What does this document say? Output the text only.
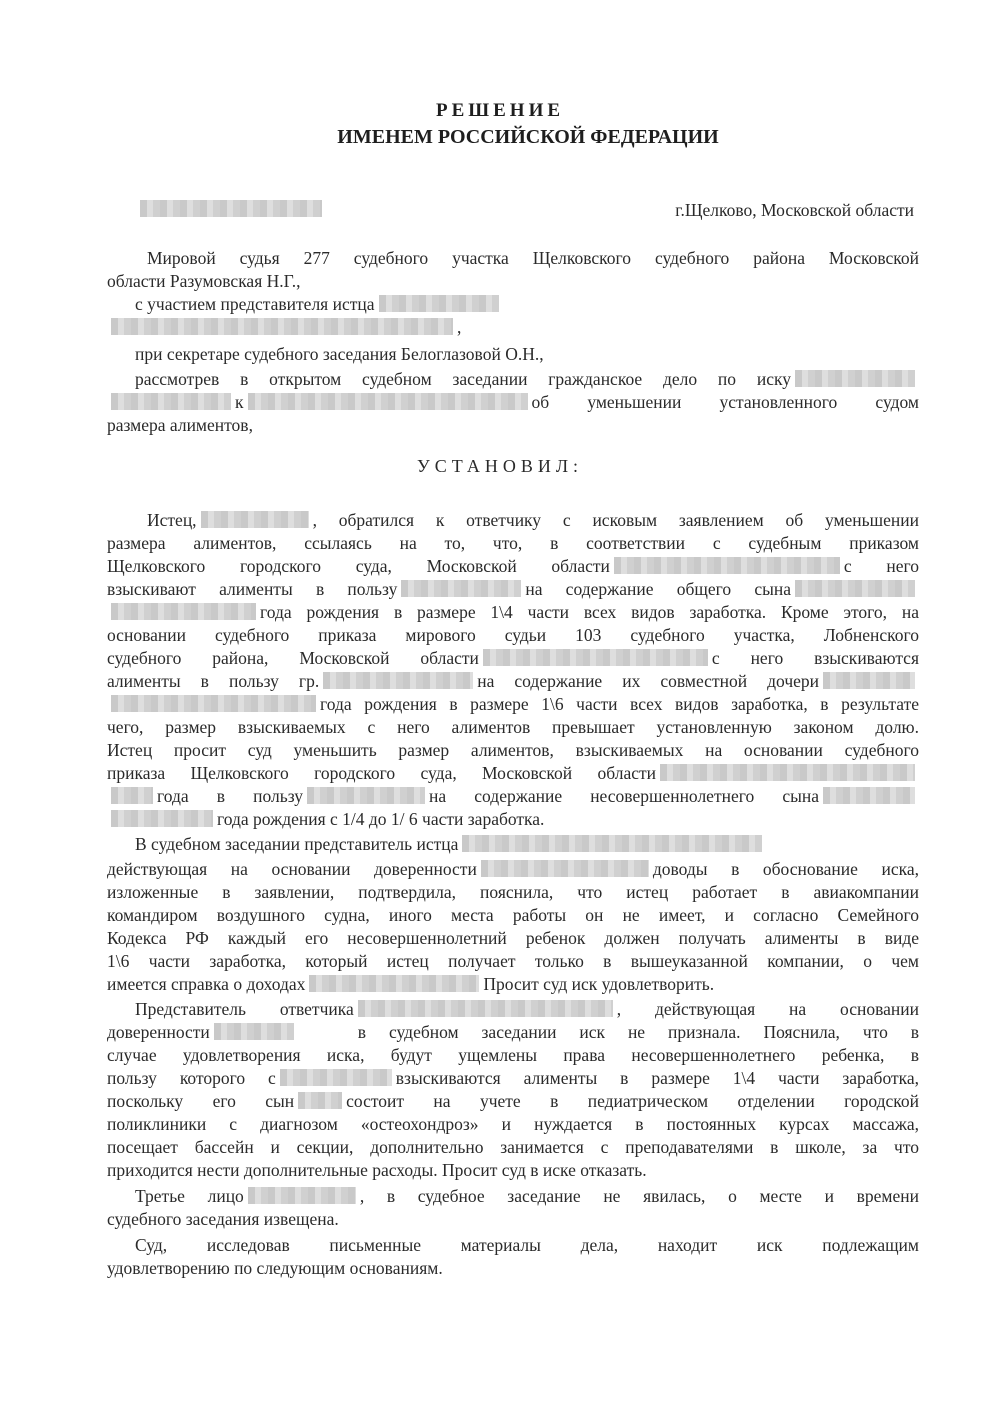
РЕШЕНИЕ
ИМЕНЕМ РОССИЙСКОЙ ФЕДЕРАЦИИ
г.Щелково, Московской области
Мировой судья 277 судебного участка Щелковского судебного района Московской
области Разумовская Н.Г.,
с участием представителя истца
,
при секретаре судебного заседания Белоглазовой О.Н.,
рассмотрев в открытом судебном заседании гражданское дело по иску
к	об уменьшении установленного судом
размера алиментов,
УСТАНОВИЛ:
Истец,	, обратился к ответчику с исковым заявлением об уменьшении
размера алиментов, ссылаясь на то, что, в соответствии с судебным приказом
Щелковского городского суда, Московской области	с него
взыскивают алименты в пользу	на содержание общего сына
года рождения в размере 1\4 части всех видов заработка. Кроме этого, на
основании судебного приказа мирового судьи 103 судебного участка, Лобненского
судебного района, Московской области	с него взыскиваются
алименты в пользу гр.	на содержание их совместной дочери
года рождения в размере 1\6 части всех видов заработка, в результате
чего, размер взыскиваемых с него алиментов превышает установленную законом долю.
Истец просит суд уменьшить размер алиментов, взыскиваемых на основании судебного
приказа Щелковского городского суда, Московской области
года в пользу	на содержание несовершеннолетнего сына
года рождения с 1/4 до 1/ 6 части заработка.
В судебном заседании представитель истца
действующая на основании доверенности	доводы в обоснование иска,
изложенные в заявлении, подтвердила, пояснила, что истец работает в авиакомпании
командиром воздушного судна, иного места работы он не имеет, и согласно Семейного
Кодекса РФ каждый его несовершеннолетний ребенок должен получать алименты в виде
1\6 части заработка, который истец получает только в вышеуказанной компании, о чем
имеется справка о доходах	Просит суд иск удовлетворить.
Представитель ответчика	, действующая на основании
доверенности	в судебном заседании иск не признала. Пояснила, что в
случае удовлетворения иска, будут ущемлены права несовершеннолетнего ребенка, в
пользу которого с	взыскиваются алименты в размере 1\4 части заработка,
поскольку его сын	состоит на учете в педиатрическом отделении городской
поликлиники с диагнозом «остеохондроз» и нуждается в постоянных курсах массажа,
посещает бассейн и секции, дополнительно занимается с преподавателями в школе, за что
приходится нести дополнительные расходы. Просит суд в иске отказать.
Третье лицо	, в судебное заседание не явилась, о месте и времени
судебного заседания извещена.
Суд, исследовав письменные материалы дела, находит иск подлежащим
удовлетворению по следующим основаниям.
